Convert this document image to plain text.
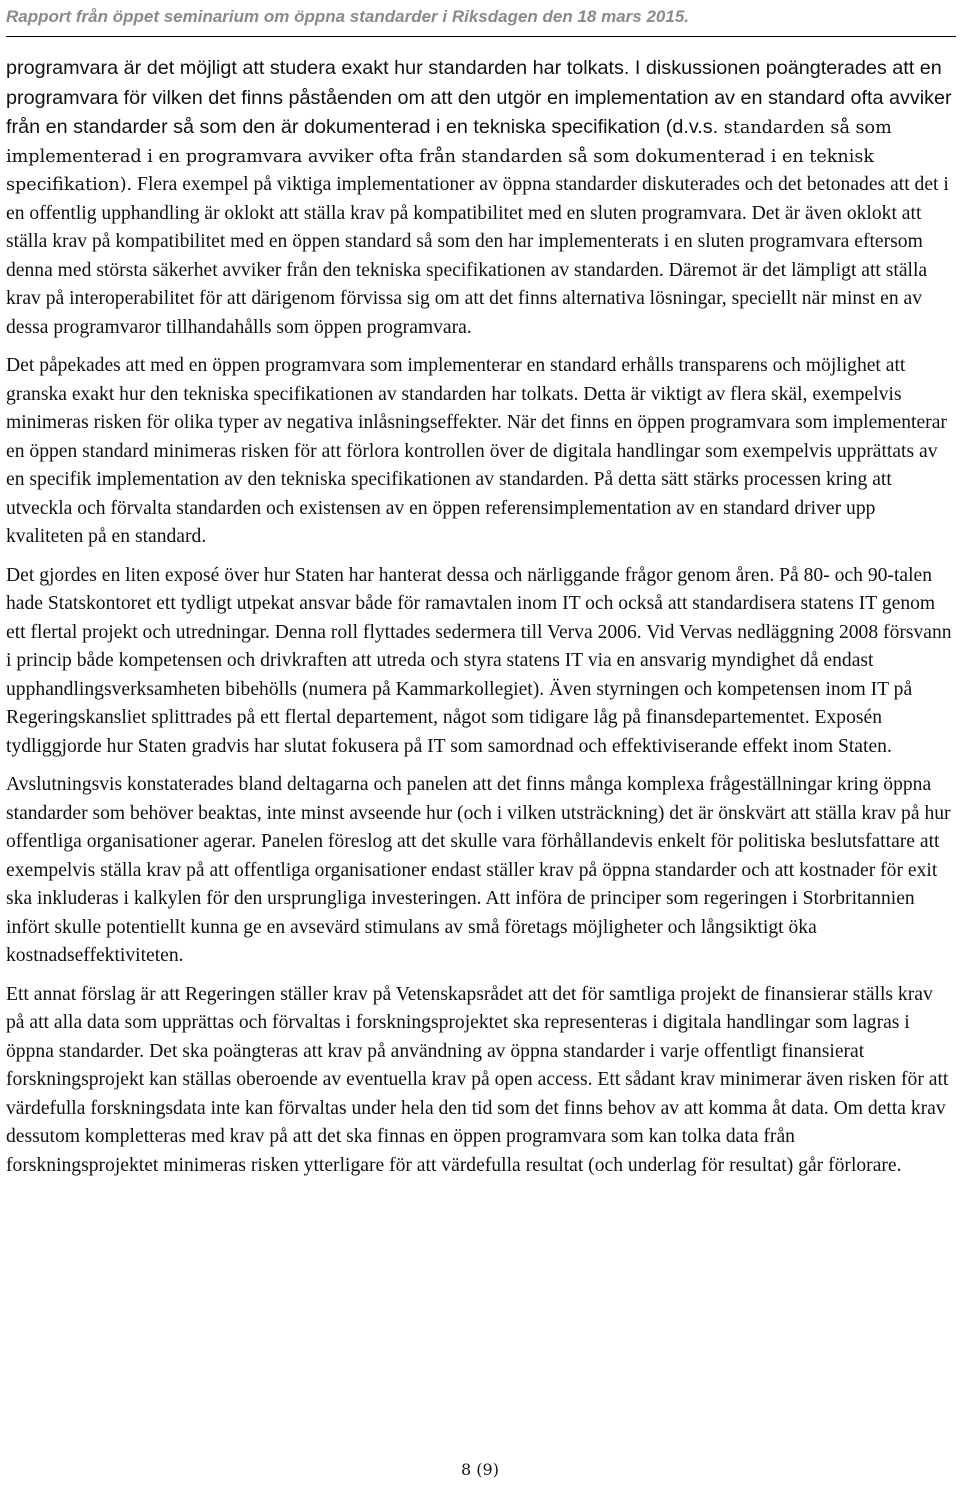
Rapport från öppet seminarium om öppna standarder i Riksdagen den 18 mars 2015.

programvara är det möjligt att studera exakt hur standarden har tolkats. I diskussionen poängterades att en programvara för vilken det finns påståenden om att den utgör en implementation av en standard ofta avviker från en standarder så som den är dokumenterad i en tekniska specifikation (d.v.s. standarden så som implementerad i en programvara avviker ofta från standarden så som dokumenterad i en teknisk specifikation). Flera exempel på viktiga implementationer av öppna standarder diskuterades och det betonades att det i en offentlig upphandling är oklokt att ställa krav på kompatibilitet med en sluten programvara. Det är även oklokt att ställa krav på kompatibilitet med en öppen standard så som den har implementerats i en sluten programvara eftersom denna med största säkerhet avviker från den tekniska specifikationen av standarden. Däremot är det lämpligt att ställa krav på interoperabilitet för att därigenom förvissa sig om att det finns alternativa lösningar, speciellt när minst en av dessa programvaror tillhandahålls som öppen programvara.

Det påpekades att med en öppen programvara som implementerar en standard erhålls transparens och möjlighet att granska exakt hur den tekniska specifikationen av standarden har tolkats. Detta är viktigt av flera skäl, exempelvis minimeras risken för olika typer av negativa inlåsningseffekter. När det finns en öppen programvara som implementerar en öppen standard minimeras risken för att förlora kontrollen över de digitala handlingar som exempelvis upprättats av en specifik implementation av den tekniska specifikationen av standarden. På detta sätt stärks processen kring att utveckla och förvalta standarden och existensen av en öppen referensimplementation av en standard driver upp kvaliteten på en standard.

Det gjordes en liten exposé över hur Staten har hanterat dessa och närliggande frågor genom åren. På 80- och 90-talen hade Statskontoret ett tydligt utpekat ansvar både för ramavtalen inom IT och också att standardisera statens IT genom ett flertal projekt och utredningar. Denna roll flyttades sedermera till Verva 2006. Vid Vervas nedläggning 2008 försvann i princip både kompetensen och drivkraften att utreda och styra statens IT via en ansvarig myndighet då endast upphandlingsverksamheten bibehölls (numera på Kammarkollegiet). Även styrningen och kompetensen inom IT på Regeringskansliet splittrades på ett flertal departement, något som tidigare låg på finansdepartementet. Exposén tydliggjorde hur Staten gradvis har slutat fokusera på IT som samordnad och effektiviserande effekt inom Staten.

Avslutningsvis konstaterades bland deltagarna och panelen att det finns många komplexa frågeställningar kring öppna standarder som behöver beaktas, inte minst avseende hur (och i vilken utsträckning) det är önskvärt att ställa krav på hur offentliga organisationer agerar. Panelen föreslog att det skulle vara förhållandevis enkelt för politiska beslutsfattare att exempelvis ställa krav på att offentliga organisationer endast ställer krav på öppna standarder och att kostnader för exit ska inkluderas i kalkylen för den ursprungliga investeringen. Att införa de principer som regeringen i Storbritannien infört skulle potentiellt kunna ge en avsevärd stimulans av små företags möjligheter och långsiktigt öka kostnadseffektiviteten.

Ett annat förslag är att Regeringen ställer krav på Vetenskapsrådet att det för samtliga projekt de finansierar ställs krav på att alla data som upprättas och förvaltas i forskningsprojektet ska representeras i digitala handlingar som lagras i öppna standarder. Det ska poängteras att krav på användning av öppna standarder i varje offentligt finansierat forskningsprojekt kan ställas oberoende av eventuella krav på open access. Ett sådant krav minimerar även risken för att värdefulla forskningsdata inte kan förvaltas under hela den tid som det finns behov av att komma åt data. Om detta krav dessutom kompletteras med krav på att det ska finnas en öppen programvara som kan tolka data från forskningsprojektet minimeras risken ytterligare för att värdefulla resultat (och underlag för resultat) går förlorare.

8 (9)
